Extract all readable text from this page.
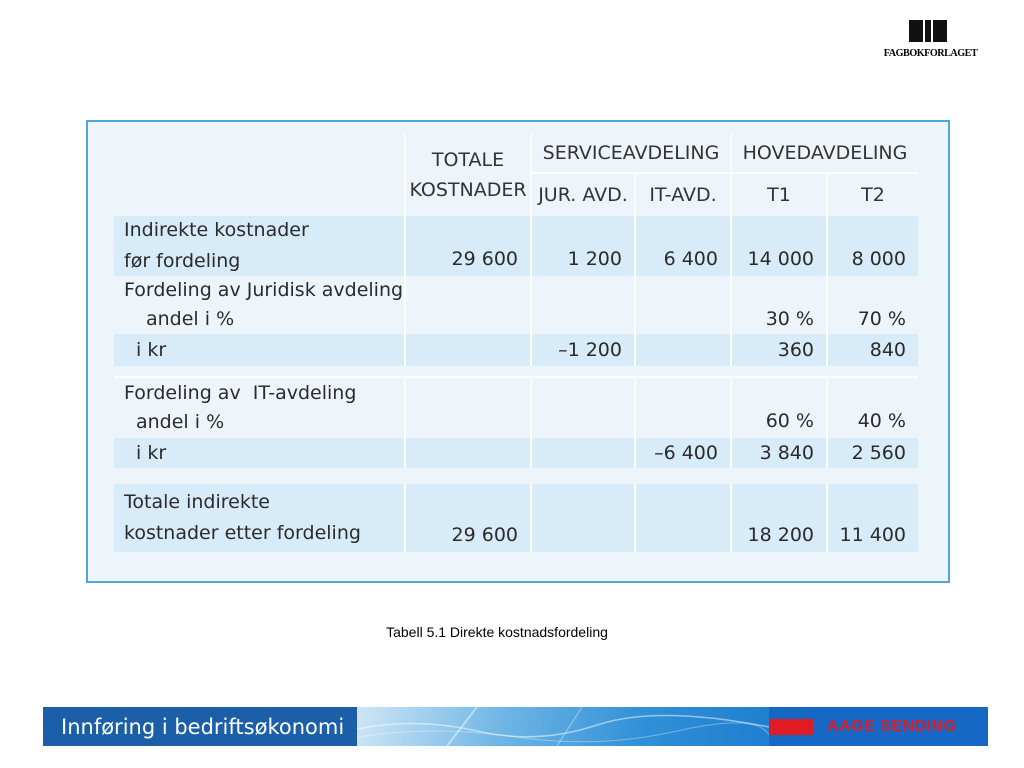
FAGBOKFORLAGET

	TOTALE
KOSTNADER	SERVICEAVDELING		HOVEDAVDELING	
		JUR. AVD.	IT-AVD.	T1	T2

Indirekte kostnader
før fordeling	29 600	1 200	6 400	14 000	8 000

Fordeling av Juridisk avdeling
andel i %				30 %	70 %
i kr		–1 200		360	840

Fordeling av  IT-avdeling
andel i %				60 %	40 %
i kr			–6 400	3 840	2 560

Totale indirekte
kostnader etter fordeling	29 600			18 200	11 400
Tabell 5.1 Direkte kostnadsfordeling
Innføring i bedriftsøkonomi	AAGE SENDING
